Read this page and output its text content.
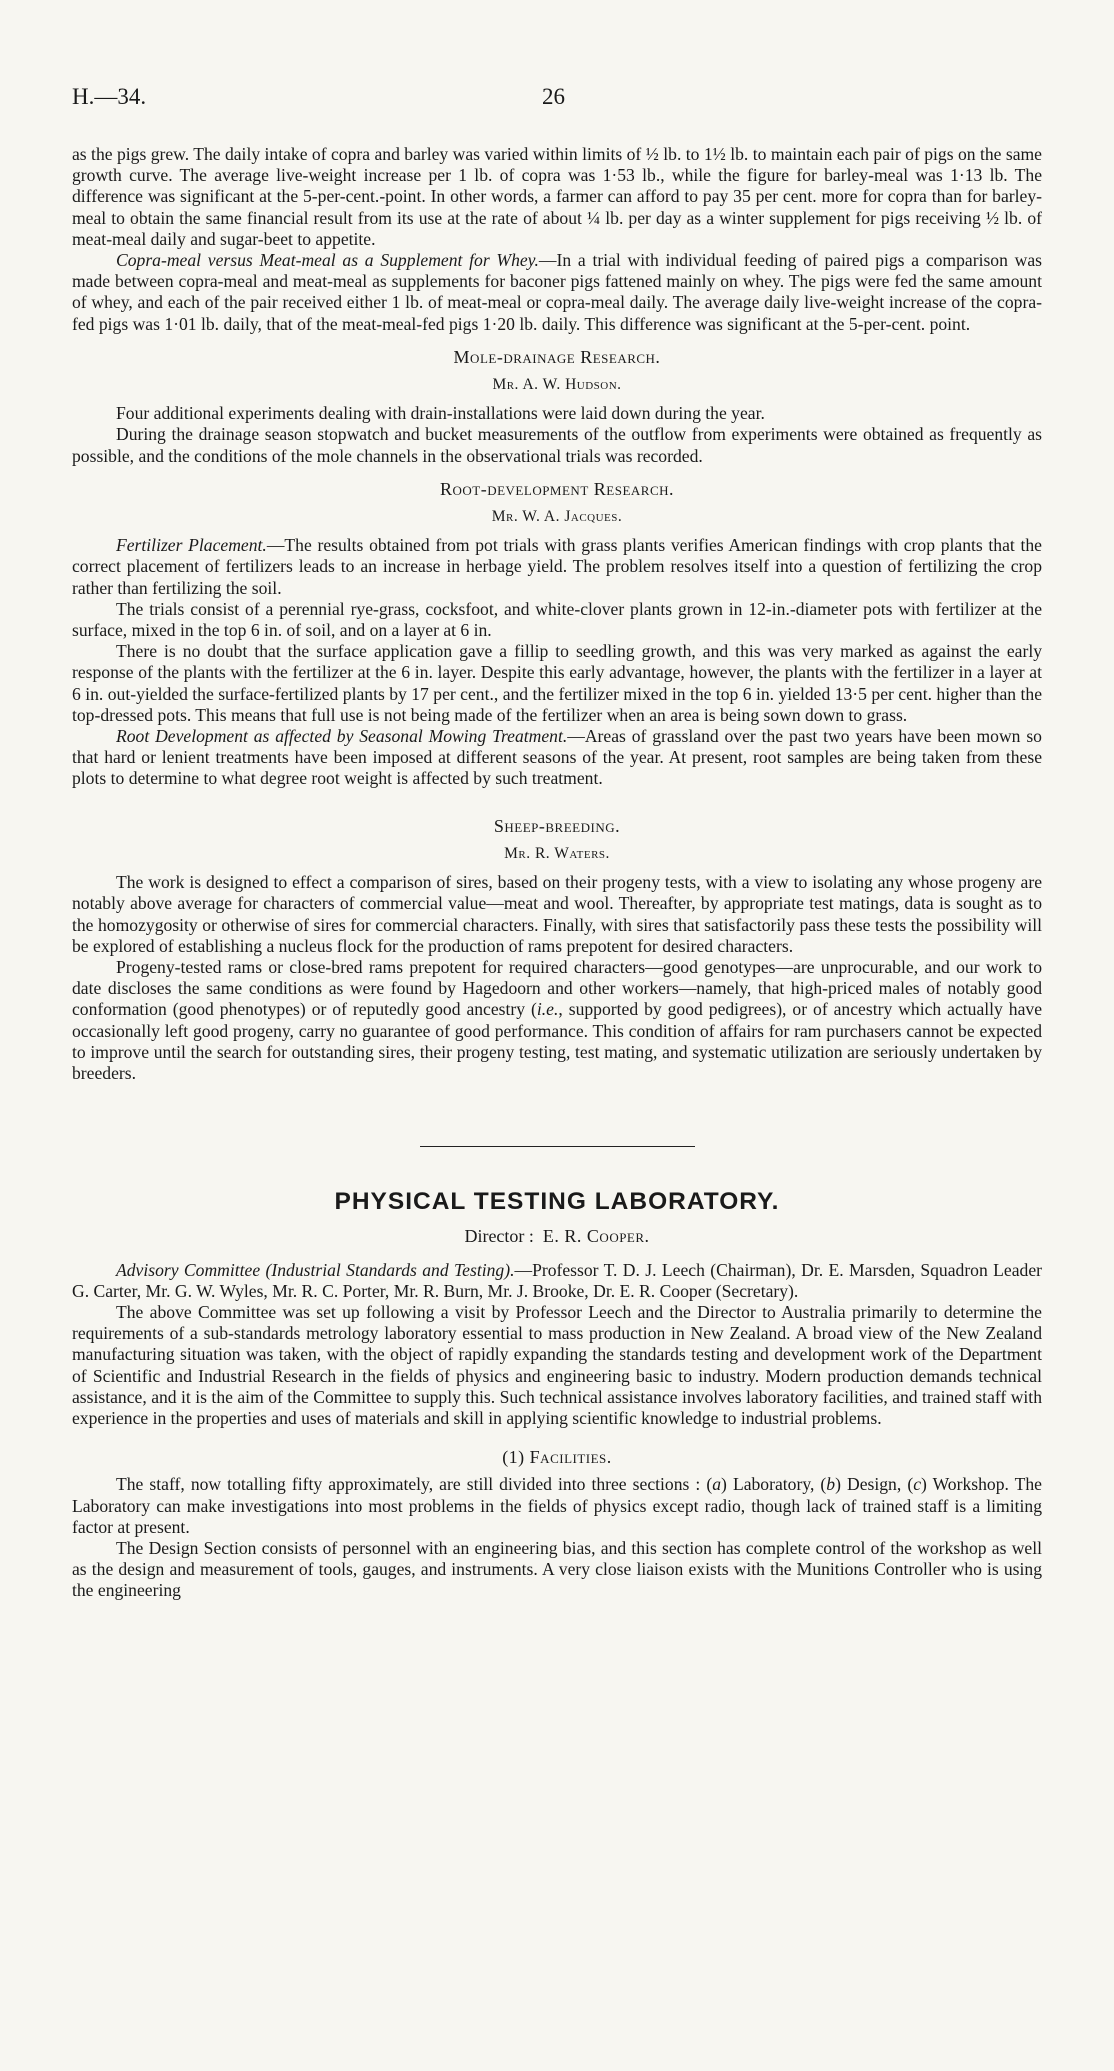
H.—34.	26

as the pigs grew. The daily intake of copra and barley was varied within limits of ½ lb. to 1½ lb. to maintain each pair of pigs on the same growth curve. The average live-weight increase per 1 lb. of copra was 1·53 lb., while the figure for barley-meal was 1·13 lb. The difference was significant at the 5-per-cent.-point. In other words, a farmer can afford to pay 35 per cent. more for copra than for barley-meal to obtain the same financial result from its use at the rate of about ¼ lb. per day as a winter supplement for pigs receiving ½ lb. of meat-meal daily and sugar-beet to appetite.

Copra-meal versus Meat-meal as a Supplement for Whey.—In a trial with individual feeding of paired pigs a comparison was made between copra-meal and meat-meal as supplements for baconer pigs fattened mainly on whey. The pigs were fed the same amount of whey, and each of the pair received either 1 lb. of meat-meal or copra-meal daily. The average daily live-weight increase of the copra-fed pigs was 1·01 lb. daily, that of the meat-meal-fed pigs 1·20 lb. daily. This difference was significant at the 5-per-cent. point.

Mole-drainage Research.
Mr. A. W. Hudson.

Four additional experiments dealing with drain-installations were laid down during the year.

During the drainage season stopwatch and bucket measurements of the outflow from experiments were obtained as frequently as possible, and the conditions of the mole channels in the observational trials was recorded.

Root-development Research.
Mr. W. A. Jacques.

Fertilizer Placement.—The results obtained from pot trials with grass plants verifies American findings with crop plants that the correct placement of fertilizers leads to an increase in herbage yield. The problem resolves itself into a question of fertilizing the crop rather than fertilizing the soil.

The trials consist of a perennial rye-grass, cocksfoot, and white-clover plants grown in 12-in.-diameter pots with fertilizer at the surface, mixed in the top 6 in. of soil, and on a layer at 6 in.

There is no doubt that the surface application gave a fillip to seedling growth, and this was very marked as against the early response of the plants with the fertilizer at the 6 in. layer. Despite this early advantage, however, the plants with the fertilizer in a layer at 6 in. out-yielded the surface-fertilized plants by 17 per cent., and the fertilizer mixed in the top 6 in. yielded 13·5 per cent. higher than the top-dressed pots. This means that full use is not being made of the fertilizer when an area is being sown down to grass.

Root Development as affected by Seasonal Mowing Treatment.—Areas of grassland over the past two years have been mown so that hard or lenient treatments have been imposed at different seasons of the year. At present, root samples are being taken from these plots to determine to what degree root weight is affected by such treatment.

Sheep-breeding.
Mr. R. Waters.

The work is designed to effect a comparison of sires, based on their progeny tests, with a view to isolating any whose progeny are notably above average for characters of commercial value—meat and wool. Thereafter, by appropriate test matings, data is sought as to the homozygosity or otherwise of sires for commercial characters. Finally, with sires that satisfactorily pass these tests the possibility will be explored of establishing a nucleus flock for the production of rams prepotent for desired characters.

Progeny-tested rams or close-bred rams prepotent for required characters—good genotypes—are unprocurable, and our work to date discloses the same conditions as were found by Hagedoorn and other workers—namely, that high-priced males of notably good conformation (good phenotypes) or of reputedly good ancestry (i.e., supported by good pedigrees), or of ancestry which actually have occasionally left good progeny, carry no guarantee of good performance. This condition of affairs for ram purchasers cannot be expected to improve until the search for outstanding sires, their progeny testing, test mating, and systematic utilization are seriously undertaken by breeders.

PHYSICAL TESTING LABORATORY.
Director : E. R. Cooper.

Advisory Committee (Industrial Standards and Testing).—Professor T. D. J. Leech (Chairman), Dr. E. Marsden, Squadron Leader G. Carter, Mr. G. W. Wyles, Mr. R. C. Porter, Mr. R. Burn, Mr. J. Brooke, Dr. E. R. Cooper (Secretary).

The above Committee was set up following a visit by Professor Leech and the Director to Australia primarily to determine the requirements of a sub-standards metrology laboratory essential to mass production in New Zealand. A broad view of the New Zealand manufacturing situation was taken, with the object of rapidly expanding the standards testing and development work of the Department of Scientific and Industrial Research in the fields of physics and engineering basic to industry. Modern production demands technical assistance, and it is the aim of the Committee to supply this. Such technical assistance involves laboratory facilities, and trained staff with experience in the properties and uses of materials and skill in applying scientific knowledge to industrial problems.

(1) Facilities.

The staff, now totalling fifty approximately, are still divided into three sections : (a) Laboratory, (b) Design, (c) Workshop. The Laboratory can make investigations into most problems in the fields of physics except radio, though lack of trained staff is a limiting factor at present.

The Design Section consists of personnel with an engineering bias, and this section has complete control of the workshop as well as the design and measurement of tools, gauges, and instruments. A very close liaison exists with the Munitions Controller who is using the engineering
